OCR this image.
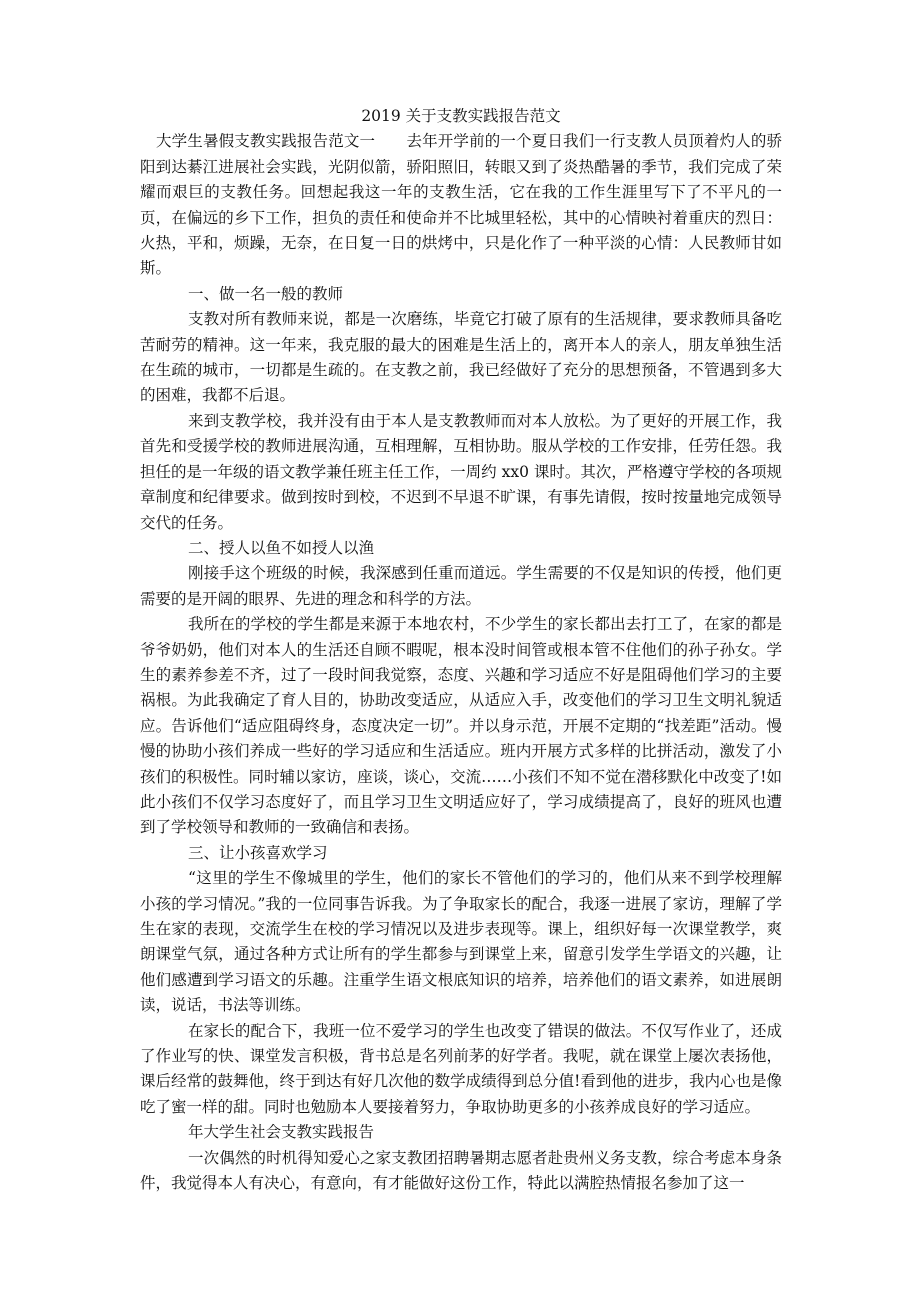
2019 关于支教实践报告范文

大学生暑假支教实践报告范文一　　去年开学前的一个夏日我们一行支教人员顶着灼人的骄阳到达綦江进展社会实践，光阴似箭，骄阳照旧，转眼又到了炎热酷暑的季节，我们完成了荣耀而艰巨的支教任务。回想起我这一年的支教生活，它在我的工作生涯里写下了不平凡的一页，在偏远的乡下工作，担负的责任和使命并不比城里轻松，其中的心情映衬着重庆的烈日：火热，平和，烦躁，无奈，在日复一日的烘烤中，只是化作了一种平淡的心情：人民教师甘如斯。

一、做一名一般的教师

支教对所有教师来说，都是一次磨练，毕竟它打破了原有的生活规律，要求教师具备吃苦耐劳的精神。这一年来，我克服的最大的困难是生活上的，离开本人的亲人，朋友单独生活在生疏的城市，一切都是生疏的。在支教之前，我已经做好了充分的思想预备，不管遇到多大的困难，我都不后退。

来到支教学校，我并没有由于本人是支教教师而对本人放松。为了更好的开展工作，我首先和受援学校的教师进展沟通，互相理解，互相协助。服从学校的工作安排，任劳任怨。我担任的是一年级的语文教学兼任班主任工作，一周约 xx0 课时。其次，严格遵守学校的各项规章制度和纪律要求。做到按时到校，不迟到不早退不旷课，有事先请假，按时按量地完成领导交代的任务。

二、授人以鱼不如授人以渔

刚接手这个班级的时候，我深感到任重而道远。学生需要的不仅是知识的传授，他们更需要的是开阔的眼界、先进的理念和科学的方法。

我所在的学校的学生都是来源于本地农村，不少学生的家长都出去打工了，在家的都是爷爷奶奶，他们对本人的生活还自顾不暇呢，根本没时间管或根本管不住他们的孙子孙女。学生的素养参差不齐，过了一段时间我觉察，态度、兴趣和学习适应不好是阻碍他们学习的主要祸根。为此我确定了育人目的，协助改变适应，从适应入手，改变他们的学习卫生文明礼貌适应。告诉他们“适应阻碍终身，态度决定一切”。并以身示范，开展不定期的“找差距”活动。慢慢的协助小孩们养成一些好的学习适应和生活适应。班内开展方式多样的比拼活动，激发了小孩们的积极性。同时辅以家访，座谈，谈心，交流……小孩们不知不觉在潜移默化中改变了!如此小孩们不仅学习态度好了，而且学习卫生文明适应好了，学习成绩提高了，良好的班风也遭到了学校领导和教师的一致确信和表扬。

三、让小孩喜欢学习

“这里的学生不像城里的学生，他们的家长不管他们的学习的，他们从来不到学校理解小孩的学习情况。”我的一位同事告诉我。为了争取家长的配合，我逐一进展了家访，理解了学生在家的表现，交流学生在校的学习情况以及进步表现等。课上，组织好每一次课堂教学，爽朗课堂气氛，通过各种方式让所有的学生都参与到课堂上来，留意引发学生学语文的兴趣，让他们感遭到学习语文的乐趣。注重学生语文根底知识的培养，培养他们的语文素养，如进展朗读，说话，书法等训练。

在家长的配合下，我班一位不爱学习的学生也改变了错误的做法。不仅写作业了，还成了作业写的快、课堂发言积极，背书总是名列前茅的好学者。我呢，就在课堂上屡次表扬他，课后经常的鼓舞他，终于到达有好几次他的数学成绩得到总分值!看到他的进步，我内心也是像吃了蜜一样的甜。同时也勉励本人要接着努力，争取协助更多的小孩养成良好的学习适应。

年大学生社会支教实践报告

一次偶然的时机得知爱心之家支教团招聘暑期志愿者赴贵州义务支教，综合考虑本身条件，我觉得本人有决心，有意向，有才能做好这份工作，特此以满腔热情报名参加了这一
